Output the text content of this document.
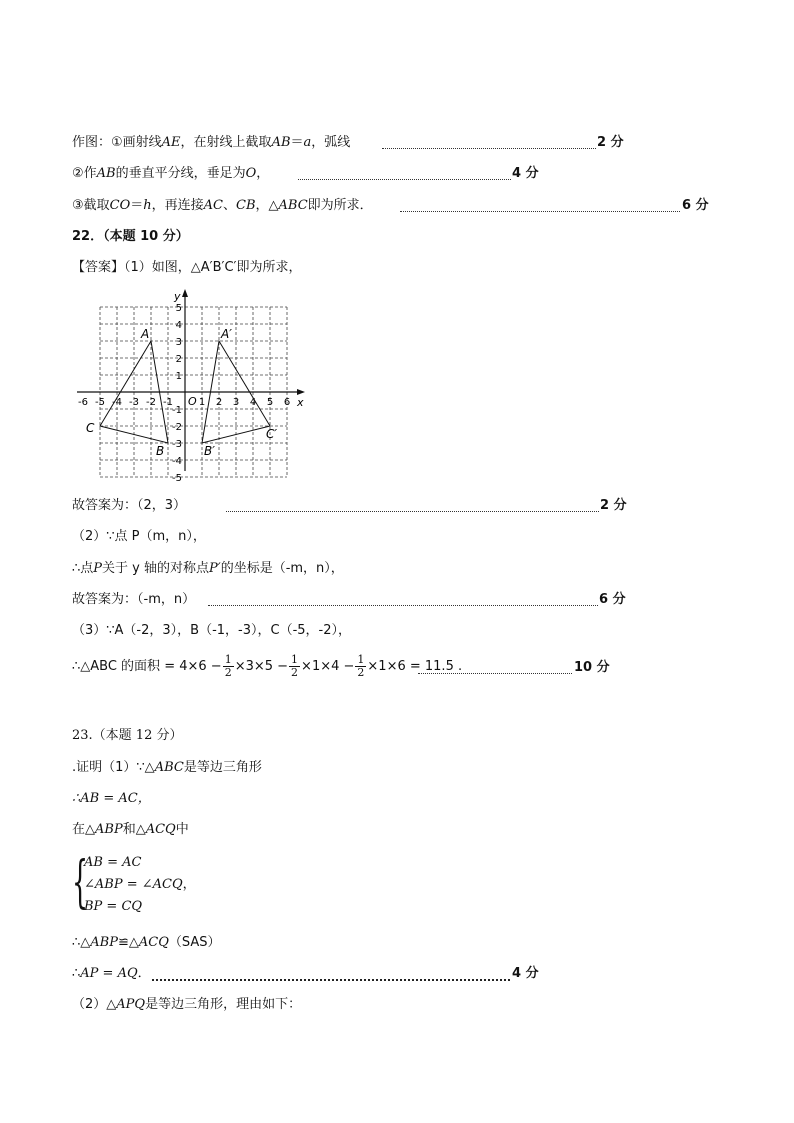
作图：①画射线AE，在射线上截取AB＝a，弧线	2 分
②作AB的垂直平分线，垂足为O，	4 分
③截取CO＝h，再连接AC、CB，△ABC即为所求．	6 分
22．（本题 10 分）
【答案】（1）如图，△A′B′C′即为所求，
x
y
O
-6 -5 -4 -3 -2 -1	1 2 3 4 5 6
5
4
3
2
1
-1
-2
-3
-4
-5
A
B
C
A′
B′
C′
故答案为：（2，3）	2 分
（2）∵点 P（m，n），
∴点P关于 y 轴的对称点P′的坐标是（-m，n），
故答案为：（-m，n）	6 分
（3）∵A（-2，3），B（-1，-3），C（-5，-2），
∴△ABC 的面积 = $4\times 6 - \frac{1}{2} \times 3\times 5 - \frac{1}{2} \times 1\times 4 - \frac{1}{2} \times 1\times 6 = 11.5$ .	10 分
23.（本题 12 分）
.证明（1）∵△ABC是等边三角形
∴AB = AC，
在△ABP和△ACQ中
{
AB = AC
∠ABP = ∠ACQ，
BP = CQ
∴△ABP≌△ACQ（SAS）
∴AP = AQ．	4 分
（2）△APQ是等边三角形，理由如下：
